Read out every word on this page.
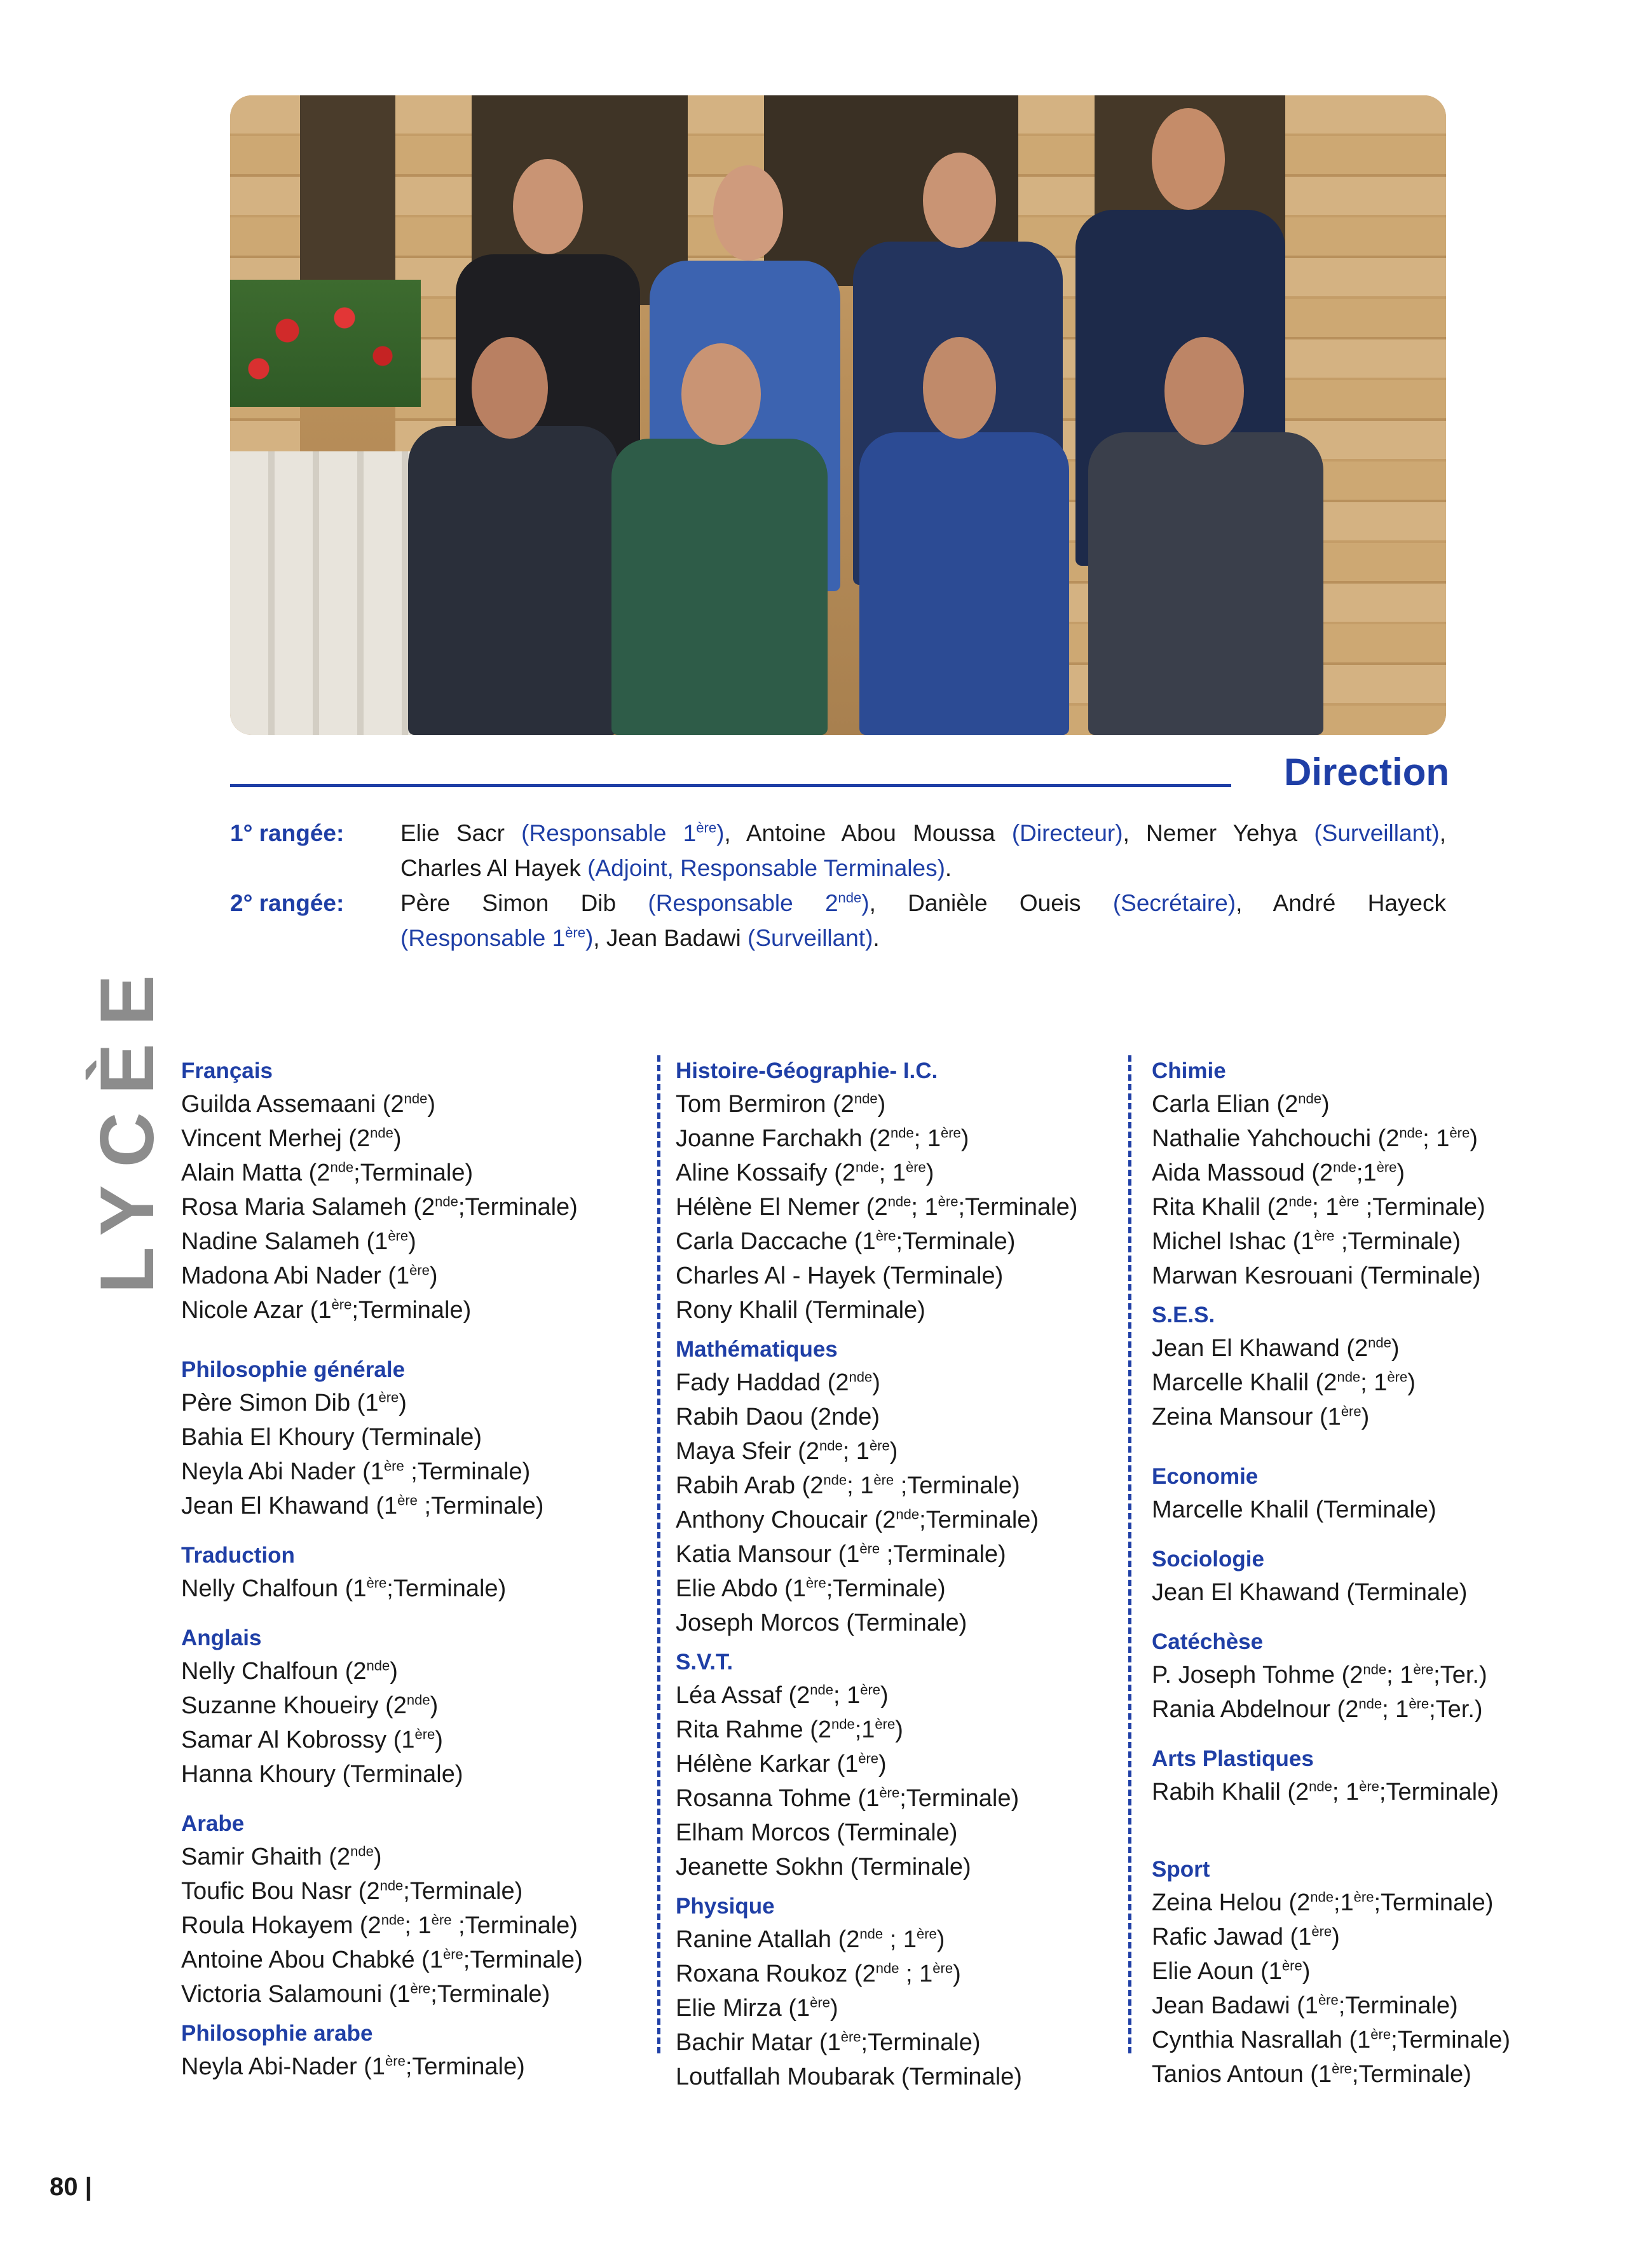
Direction
1° rangée:	Elie Sacr (Responsable 1ère), Antoine Abou Moussa (Directeur), Nemer Yehya (Surveillant),
Charles Al Hayek (Adjoint, Responsable Terminales).
2° rangée:	Père Simon Dib (Responsable 2nde), Danièle Oueis (Secrétaire), André Hayeck
(Responsable 1ère), Jean Badawi (Surveillant).
LYCÈE Français
Guilda Assemaani (2nde)
Vincent Merhej (2nde)
Alain Matta (2nde;Terminale)
Rosa Maria Salameh (2nde;Terminale)
Nadine Salameh (1ère)
Madona Abi Nader (1ère)
Nicole Azar (1ère;Terminale)
Philosophie générale
Père Simon Dib (1ère)
Bahia El Khoury (Terminale)
Neyla Abi Nader (1ère ;Terminale)
Jean El Khawand (1ère ;Terminale)
Traduction
Nelly Chalfoun (1ère;Terminale)
Anglais
Nelly Chalfoun (2nde)
Suzanne Khoueiry (2nde)
Samar Al Kobrossy (1ère)
Hanna Khoury (Terminale)
Arabe
Samir Ghaith (2nde)
Toufic Bou Nasr (2nde;Terminale)
Roula Hokayem (2nde; 1ère ;Terminale)
Antoine Abou Chabké (1ère;Terminale)
Victoria Salamouni (1ère;Terminale)
Philosophie arabe
Neyla Abi-Nader (1ère;Terminale)
Histoire-Géographie- I.C.
Tom Bermiron (2nde)
Joanne Farchakh (2nde; 1ère)
Aline Kossaify (2nde; 1ère)
Hélène El Nemer (2nde; 1ère;Terminale)
Carla Daccache (1ère;Terminale)
Charles Al - Hayek (Terminale)
Rony Khalil (Terminale)
Mathématiques
Fady Haddad (2nde)
Rabih Daou (2nde)
Maya Sfeir (2nde; 1ère)
Rabih Arab (2nde; 1ère ;Terminale)
Anthony Choucair (2nde;Terminale)
Katia Mansour (1ère ;Terminale)
Elie Abdo (1ère;Terminale)
Joseph Morcos (Terminale)
S.V.T.
Léa Assaf (2nde; 1ère)
Rita Rahme (2nde;1ère)
Hélène Karkar (1ère)
Rosanna Tohme (1ère;Terminale)
Elham Morcos (Terminale)
Jeanette Sokhn (Terminale)
Physique
Ranine Atallah (2nde ; 1ère)
Roxana Roukoz (2nde ; 1ère)
Elie Mirza (1ère)
Bachir Matar (1ère;Terminale)
Loutfallah Moubarak (Terminale)
Chimie
Carla Elian (2nde)
Nathalie Yahchouchi (2nde; 1ère)
Aida Massoud (2nde;1ère)
Rita Khalil (2nde; 1ère ;Terminale)
Michel Ishac (1ère ;Terminale)
Marwan Kesrouani (Terminale)
S.E.S.
Jean El Khawand (2nde)
Marcelle Khalil (2nde; 1ère)
Zeina Mansour (1ère)
Economie
Marcelle Khalil (Terminale)
Sociologie
Jean El Khawand (Terminale)
Catéchèse
P. Joseph Tohme (2nde; 1ère;Ter.)
Rania Abdelnour (2nde; 1ère;Ter.)
Arts Plastiques
Rabih Khalil (2nde; 1ère;Terminale)
Sport
Zeina Helou (2nde;1ère;Terminale)
Rafic Jawad (1ère)
Elie Aoun (1ère)
Jean Badawi (1ère;Terminale)
Cynthia Nasrallah (1ère;Terminale)
Tanios Antoun (1ère;Terminale)
80 |
